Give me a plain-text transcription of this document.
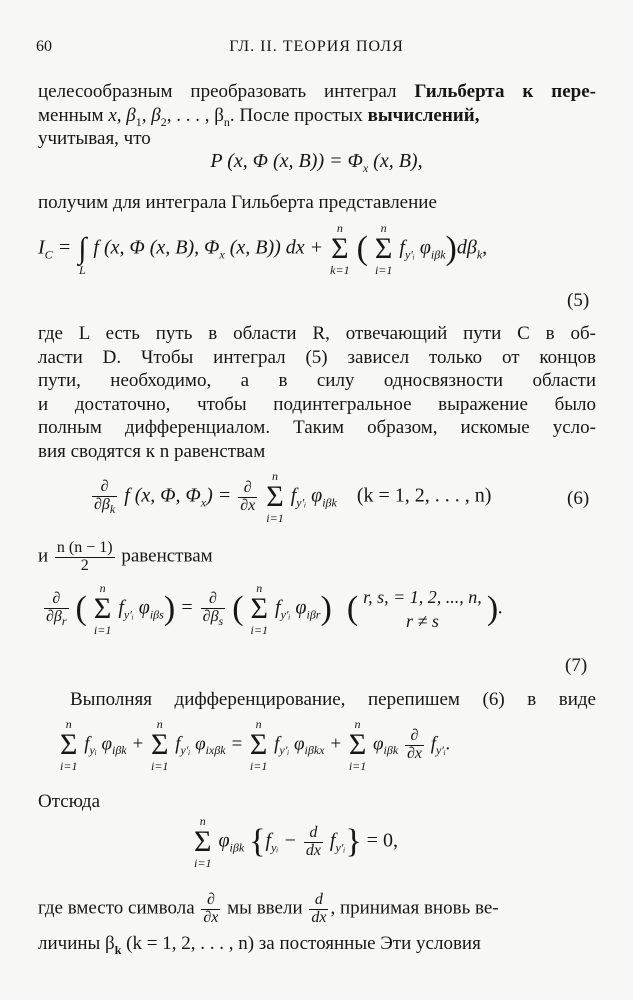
60	ГЛ. II. ТЕОРИЯ ПОЛЯ
целесообразным преобразовать интеграл Гильберта к пере-
менным x, $\beta_1$, $\beta_2$, . . . , $\beta_n$. После простых вычислений,
учитывая, что
P (x, Φ (x, $B)) = \Phi_x$ (x, B),
получим для интеграла Гильберта представление
$I_C$ =
∫
L
f (x, Φ (x, B), $\Phi_x$ (x, B)) dx +
n
Σ
k=1
(
n
Σ
i=1
$f_{y'ᵢ}$ $\varphi_{i\beta k})d\beta_k$,
(5)
где L есть путь в области R, отвечающий пути C в об-
ласти D. Чтобы интеграл (5) зависел только от концов
пути, необходимо, а в силу односвязности области
и достаточно, чтобы подинтегральное выражение было
полным дифференциалом. Таким образом, искомые усло-
вия сводятся к n равенствам
$\frac{\partial}{\partial\beta_k}$ f (x, Φ, $\Phi_x) = \frac{\partial}{\partial x}$

n
Σ
i=1
$f_{y'ᵢ}$ $\varphi_{i\beta k}$ (k = 1, 2, . . . , n)	(6)
и $\frac{n (n - 1)}{2}$ равенствам
$\frac{\partial}{\partial\beta_r}$ (
n
Σ
i=1
$f_{y'ᵢ}$ $\varphi_{i\beta s}) = \frac{\partial}{\partial\beta_s}$ (
n
Σ
i=1
$f_{y'ᵢ}$ $\varphi_{i\beta r}$) ( r, s, = 1, 2, ..., n,
r ≠ s ).
(7)
Выполняя дифференцирование, перепишем (6) в виде
n
Σ
i=1
$f_{yᵢ}$ $\varphi_{i\beta k}$ +
n
Σ
i=1
$f_{y'ᵢ}$ $\varphi_{ix\beta k}$ =
n
Σ
i=1
$f_{y'ᵢ}$ $\varphi_{i\beta kx}$ +
n
Σ
i=1
$\varphi_{i\beta k} \frac{\partial}{\partial x} f_{y'ᵢ}$.
Отсюда
n
Σ
i=1
$\varphi_{i\beta k}$ $\{f_{yᵢ} - \frac{d}{dx} f_{y'ᵢ}\} = 0$,
где вместо символа $\frac{\partial}{\partial x}$ мы ввели $\frac{d}{dx}$ , принимая вновь ве-
личины $\beta_k$ (k = 1, 2, . . . , n) за постоянные Эти условия
